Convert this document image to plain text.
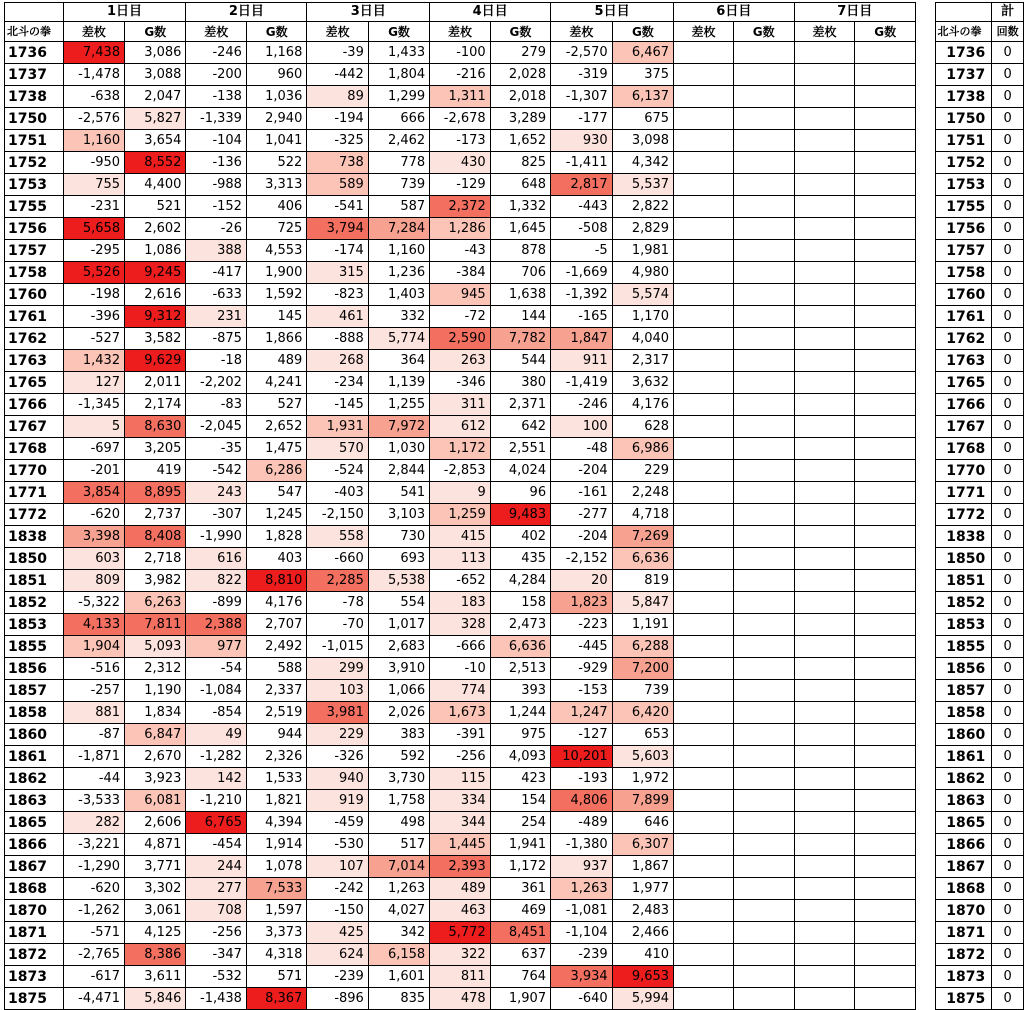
	1日目		2日目		3日目		4日目		5日目		6日目		7日目				計
北斗の拳	差枚	G数	差枚	G数	差枚	G数	差枚	G数	差枚	G数	差枚	G数	差枚	G数		北斗の拳	回数
1736	7,438	3,086	-246	1,168	-39	1,433	-100	279	-2,570	6,467						1736	0
1737	-1,478	3,088	-200	960	-442	1,804	-216	2,028	-319	375						1737	0
1738	-638	2,047	-138	1,036	89	1,299	1,311	2,018	-1,307	6,137						1738	0
1750	-2,576	5,827	-1,339	2,940	-194	666	-2,678	3,289	-177	675						1750	0
1751	1,160	3,654	-104	1,041	-325	2,462	-173	1,652	930	3,098						1751	0
1752	-950	8,552	-136	522	738	778	430	825	-1,411	4,342						1752	0
1753	755	4,400	-988	3,313	589	739	-129	648	2,817	5,537						1753	0
1755	-231	521	-152	406	-541	587	2,372	1,332	-443	2,822						1755	0
1756	5,658	2,602	-26	725	3,794	7,284	1,286	1,645	-508	2,829						1756	0
1757	-295	1,086	388	4,553	-174	1,160	-43	878	-5	1,981						1757	0
1758	5,526	9,245	-417	1,900	315	1,236	-384	706	-1,669	4,980						1758	0
1760	-198	2,616	-633	1,592	-823	1,403	945	1,638	-1,392	5,574						1760	0
1761	-396	9,312	231	145	461	332	-72	144	-165	1,170						1761	0
1762	-527	3,582	-875	1,866	-888	5,774	2,590	7,782	1,847	4,040						1762	0
1763	1,432	9,629	-18	489	268	364	263	544	911	2,317						1763	0
1765	127	2,011	-2,202	4,241	-234	1,139	-346	380	-1,419	3,632						1765	0
1766	-1,345	2,174	-83	527	-145	1,255	311	2,371	-246	4,176						1766	0
1767	5	8,630	-2,045	2,652	1,931	7,972	612	642	100	628						1767	0
1768	-697	3,205	-35	1,475	570	1,030	1,172	2,551	-48	6,986						1768	0
1770	-201	419	-542	6,286	-524	2,844	-2,853	4,024	-204	229						1770	0
1771	3,854	8,895	243	547	-403	541	9	96	-161	2,248						1771	0
1772	-620	2,737	-307	1,245	-2,150	3,103	1,259	9,483	-277	4,718						1772	0
1838	3,398	8,408	-1,990	1,828	558	730	415	402	-204	7,269						1838	0
1850	603	2,718	616	403	-660	693	113	435	-2,152	6,636						1850	0
1851	809	3,982	822	8,810	2,285	5,538	-652	4,284	20	819						1851	0
1852	-5,322	6,263	-899	4,176	-78	554	183	158	1,823	5,847						1852	0
1853	4,133	7,811	2,388	2,707	-70	1,017	328	2,473	-223	1,191						1853	0
1855	1,904	5,093	977	2,492	-1,015	2,683	-666	6,636	-445	6,288						1855	0
1856	-516	2,312	-54	588	299	3,910	-10	2,513	-929	7,200						1856	0
1857	-257	1,190	-1,084	2,337	103	1,066	774	393	-153	739						1857	0
1858	881	1,834	-854	2,519	3,981	2,026	1,673	1,244	1,247	6,420						1858	0
1860	-87	6,847	49	944	229	383	-391	975	-127	653						1860	0
1861	-1,871	2,670	-1,282	2,326	-326	592	-256	4,093	10,201	5,603						1861	0
1862	-44	3,923	142	1,533	940	3,730	115	423	-193	1,972						1862	0
1863	-3,533	6,081	-1,210	1,821	919	1,758	334	154	4,806	7,899						1863	0
1865	282	2,606	6,765	4,394	-459	498	344	254	-489	646						1865	0
1866	-3,221	4,871	-454	1,914	-530	517	1,445	1,941	-1,380	6,307						1866	0
1867	-1,290	3,771	244	1,078	107	7,014	2,393	1,172	937	1,867						1867	0
1868	-620	3,302	277	7,533	-242	1,263	489	361	1,263	1,977						1868	0
1870	-1,262	3,061	708	1,597	-150	4,027	463	469	-1,081	2,483						1870	0
1871	-571	4,125	-256	3,373	425	342	5,772	8,451	-1,104	2,466						1871	0
1872	-2,765	8,386	-347	4,318	624	6,158	322	637	-239	410						1872	0
1873	-617	3,611	-532	571	-239	1,601	811	764	3,934	9,653						1873	0
1875	-4,471	5,846	-1,438	8,367	-896	835	478	1,907	-640	5,994						1875	0
